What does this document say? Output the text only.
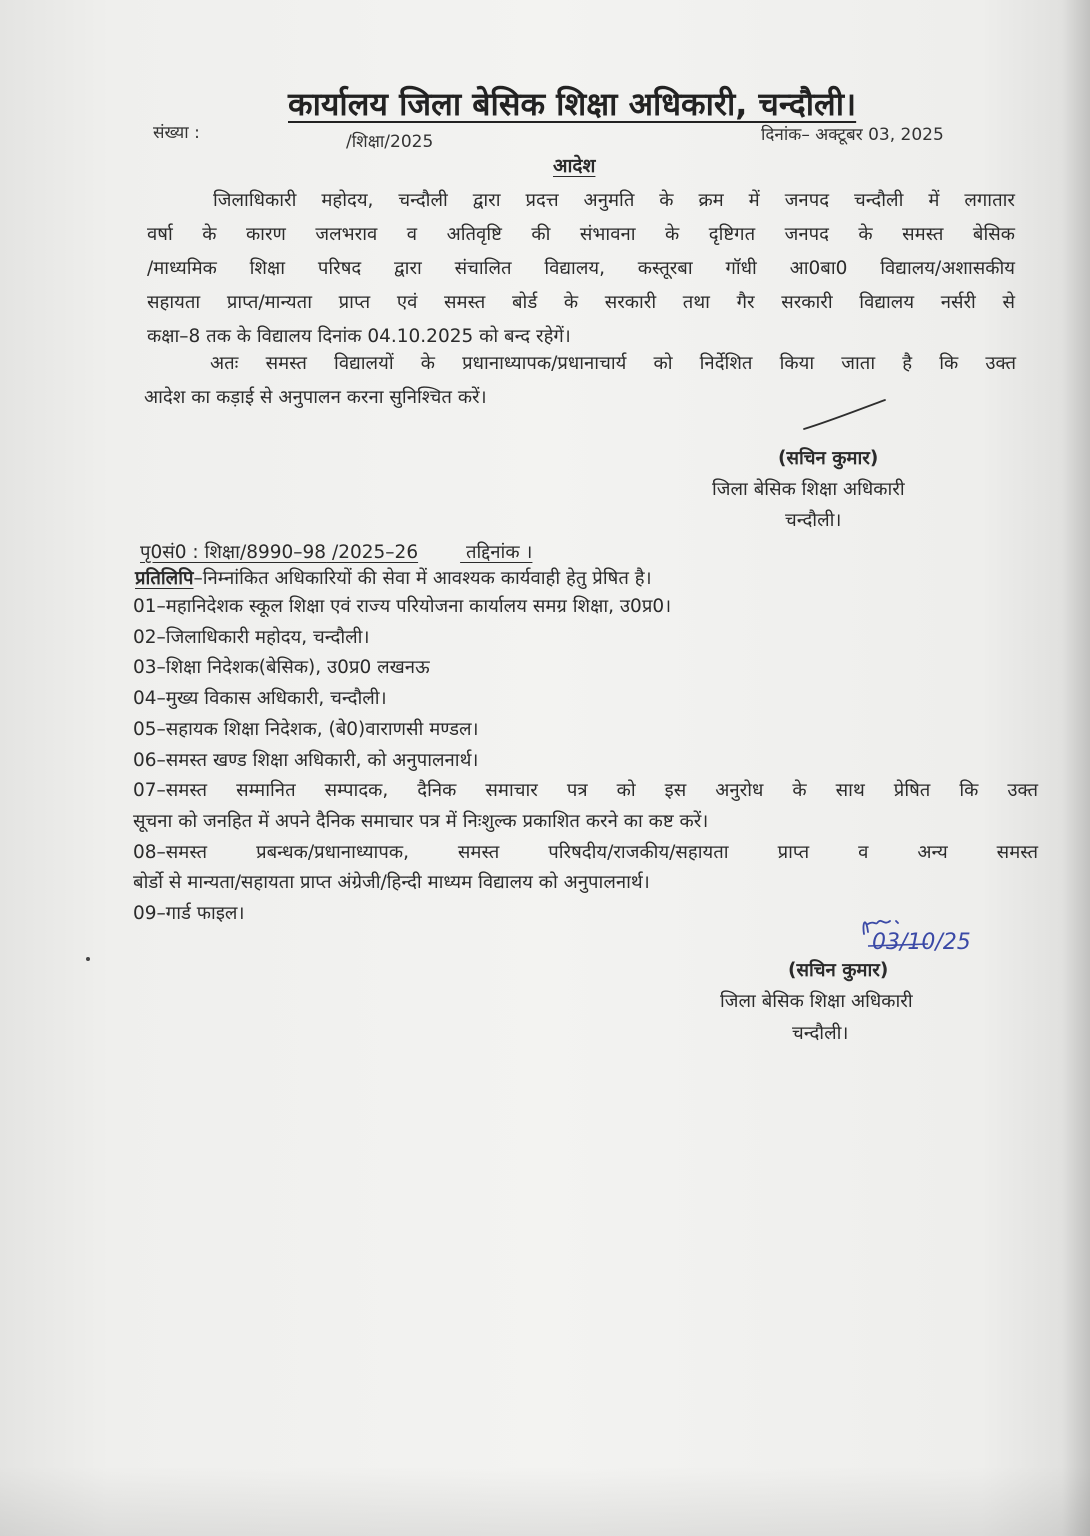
कार्यालय जिला बेसिक शिक्षा अधिकारी, चन्दौली।
संख्या :	/शिक्षा/2025	दिनांक– अक्टूबर 03, 2025
आदेश
जिलाधिकारी महोदय, चन्दौली द्वारा प्रदत्त अनुमति के क्रम में जनपद चन्दौली में लगातार
वर्षा के कारण जलभराव व अतिवृष्टि की संभावना के दृष्टिगत जनपद के समस्त बेसिक
/माध्यमिक शिक्षा परिषद द्वारा संचालित विद्यालय, कस्तूरबा गॉधी आ0बा0 विद्यालय/अशासकीय
सहायता प्राप्त/मान्यता प्राप्त एवं समस्त बोर्ड के सरकारी तथा गैर सरकारी विद्यालय नर्सरी से
कक्षा–8 तक के विद्यालय दिनांक 04.10.2025 को बन्द रहेगें।
अतः समस्त विद्यालयों के प्रधानाध्यापक/प्रधानाचार्य को निर्देशित किया जाता है कि उक्त
आदेश का कड़ाई से अनुपालन करना सुनिश्चित करें।
(सचिन कुमार)
जिला बेसिक शिक्षा अधिकारी
चन्दौली।
पृ0सं0 : शिक्षा/8990–98 /2025–26	तद्दिनांक ।
प्रतिलिपि–निम्नांकित अधिकारियों की सेवा में आवश्यक कार्यवाही हेतु प्रेषित है।
01–महानिदेशक स्कूल शिक्षा एवं राज्य परियोजना कार्यालय समग्र शिक्षा, उ0प्र0।
02–जिलाधिकारी महोदय, चन्दौली।
03–शिक्षा निदेशक(बेसिक), उ0प्र0 लखनऊ
04–मुख्य विकास अधिकारी, चन्दौली।
05–सहायक शिक्षा निदेशक, (बे0)वाराणसी मण्डल।
06–समस्त खण्ड शिक्षा अधिकारी, को अनुपालनार्थ।
07–समस्त सम्मानित सम्पादक, दैनिक समाचार पत्र को इस अनुरोध के साथ प्रेषित कि उक्त
सूचना को जनहित में अपने दैनिक समाचार पत्र में निःशुल्क प्रकाशित करने का कष्ट करें।
08–समस्त प्रबन्धक/प्रधानाध्यापक, समस्त परिषदीय/राजकीय/सहायता प्राप्त व अन्य समस्त
बोर्डो से मान्यता/सहायता प्राप्त अंग्रेजी/हिन्दी माध्यम विद्यालय को अनुपालनार्थ।
09–गार्ड फाइल।
03/10/25
(सचिन कुमार)
जिला बेसिक शिक्षा अधिकारी
चन्दौली।
